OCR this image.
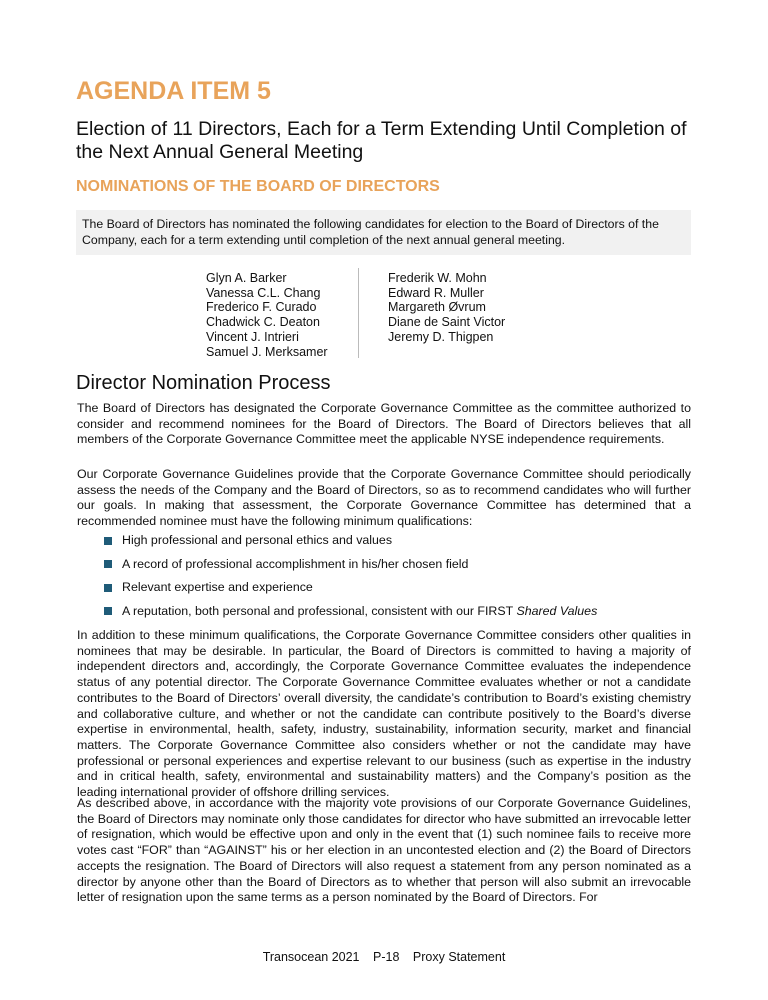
AGENDA ITEM 5
Election of 11 Directors, Each for a Term Extending Until Completion of the Next Annual General Meeting
NOMINATIONS OF THE BOARD OF DIRECTORS

The Board of Directors has nominated the following candidates for election to the Board of Directors of the Company, each for a term extending until completion of the next annual general meeting.

Glyn A. Barker
Vanessa C.L. Chang
Frederico F. Curado
Chadwick C. Deaton
Vincent J. Intrieri
Samuel J. Merksamer
Frederik W. Mohn
Edward R. Muller
Margareth Øvrum
Diane de Saint Victor
Jeremy D. Thigpen
Director Nomination Process

The Board of Directors has designated the Corporate Governance Committee as the committee authorized to consider and recommend nominees for the Board of Directors. The Board of Directors believes that all members of the Corporate Governance Committee meet the applicable NYSE independence requirements.

Our Corporate Governance Guidelines provide that the Corporate Governance Committee should periodically assess the needs of the Company and the Board of Directors, so as to recommend candidates who will further our goals. In making that assessment, the Corporate Governance Committee has determined that a recommended nominee must have the following minimum qualifications:

High professional and personal ethics and values
A record of professional accomplishment in his/her chosen field
Relevant expertise and experience
A reputation, both personal and professional, consistent with our FIRST Shared Values

In addition to these minimum qualifications, the Corporate Governance Committee considers other qualities in nominees that may be desirable. In particular, the Board of Directors is committed to having a majority of independent directors and, accordingly, the Corporate Governance Committee evaluates the independence status of any potential director. The Corporate Governance Committee evaluates whether or not a candidate contributes to the Board of Directors’ overall diversity, the candidate’s contribution to Board’s existing chemistry and collaborative culture, and whether or not the candidate can contribute positively to the Board’s diverse expertise in environmental, health, safety, industry, sustainability, information security, market and financial matters. The Corporate Governance Committee also considers whether or not the candidate may have professional or personal experiences and expertise relevant to our business (such as expertise in the industry and in critical health, safety, environmental and sustainability matters) and the Company’s position as the leading international provider of offshore drilling services.

As described above, in accordance with the majority vote provisions of our Corporate Governance Guidelines, the Board of Directors may nominate only those candidates for director who have submitted an irrevocable letter of resignation, which would be effective upon and only in the event that (1) such nominee fails to receive more votes cast “FOR” than “AGAINST” his or her election in an uncontested election and (2) the Board of Directors accepts the resignation. The Board of Directors will also request a statement from any person nominated as a director by anyone other than the Board of Directors as to whether that person will also submit an irrevocable letter of resignation upon the same terms as a person nominated by the Board of Directors. For

Transocean 2021 P-18 Proxy Statement
